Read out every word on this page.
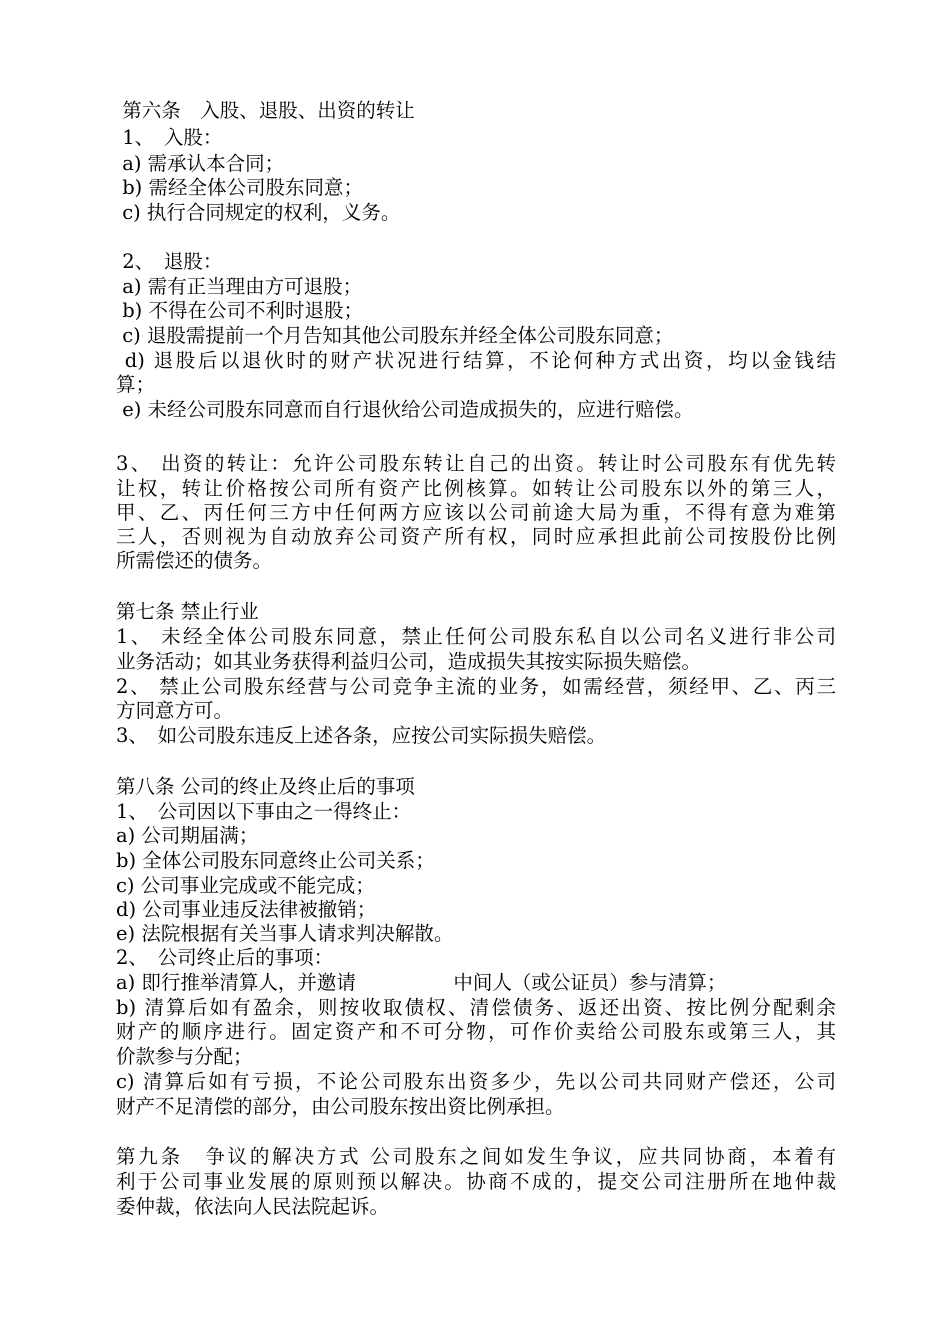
第六条　入股、退股、出资的转让
1、　入股：
a) 需承认本合同；
b) 需经全体公司股东同意；
c) 执行合同规定的权利，义务。
2、　退股：
a) 需有正当理由方可退股；
b) 不得在公司不利时退股；
c) 退股需提前一个月告知其他公司股东并经全体公司股东同意；
d) 退股后以退伙时的财产状况进行结算，不论何种方式出资，均以金钱结
算；
e) 未经公司股东同意而自行退伙给公司造成损失的，应进行赔偿。
3、 出资的转让：允许公司股东转让自己的出资。转让时公司股东有优先转
让权，转让价格按公司所有资产比例核算。如转让公司股东以外的第三人，
甲、乙、丙任何三方中任何两方应该以公司前途大局为重，不得有意为难第
三人，否则视为自动放弃公司资产所有权，同时应承担此前公司按股份比例
所需偿还的债务。
第七条 禁止行业
1、 未经全体公司股东同意，禁止任何公司股东私自以公司名义进行非公司
业务活动；如其业务获得利益归公司，造成损失其按实际损失赔偿。
2、 禁止公司股东经营与公司竞争主流的业务，如需经营，须经甲、乙、丙三
方同意方可。
3、　如公司股东违反上述各条，应按公司实际损失赔偿。
第八条 公司的终止及终止后的事项
1、　公司因以下事由之一得终止：
a) 公司期届满；
b) 全体公司股东同意终止公司关系；
c) 公司事业完成或不能完成；
d) 公司事业违反法律被撤销；
e) 法院根据有关当事人请求判决解散。
2、　公司终止后的事项：
a) 即行推举清算人，并邀请　　　　　中间人（或公证员）参与清算；
b) 清算后如有盈余，则按收取债权、清偿债务、返还出资、按比例分配剩余
财产的顺序进行。固定资产和不可分物，可作价卖给公司股东或第三人，其
价款参与分配；
c) 清算后如有亏损，不论公司股东出资多少，先以公司共同财产偿还，公司
财产不足清偿的部分，由公司股东按出资比例承担。
第九条　争议的解决方式 公司股东之间如发生争议，应共同协商，本着有
利于公司事业发展的原则预以解决。协商不成的，提交公司注册所在地仲裁
委仲裁，依法向人民法院起诉。
